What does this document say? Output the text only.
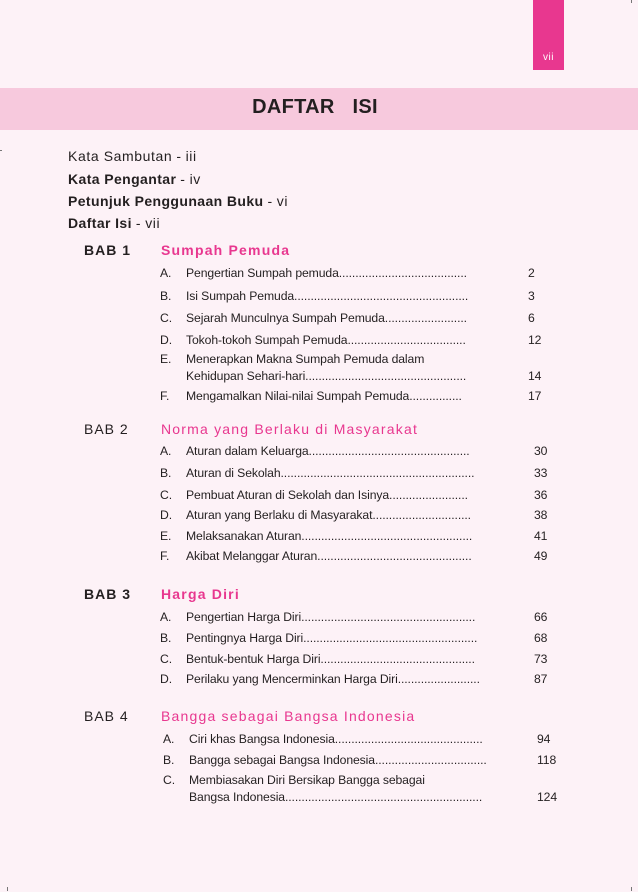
vii
DAFTAR ISI
Kata Sambutan - iii
Kata Pengantar - iv
Petunjuk Penggunaan Buku - vi
Daftar Isi - vii
BAB 1 Sumpah Pemuda
A. Pengertian Sumpah pemuda.......................................	2
B. Isi Sumpah Pemuda.....................................................	3
C. Sejarah Munculnya Sumpah Pemuda.........................	6
D. Tokoh-tokoh Sumpah Pemuda....................................	12
E. Menerapkan Makna Sumpah Pemuda dalam
Kehidupan Sehari-hari.................................................	14
F. Mengamalkan Nilai-nilai Sumpah Pemuda................	17
BAB 2 Norma yang Berlaku di Masyarakat
A. Aturan dalam Keluarga.................................................	30
B. Aturan di Sekolah...........................................................	33
C. Pembuat Aturan di Sekolah dan Isinya........................	36
D. Aturan yang Berlaku di Masyarakat..............................	38
E. Melaksanakan Aturan....................................................	41
F. Akibat Melanggar Aturan...............................................	49
BAB 3 Harga Diri
A. Pengertian Harga Diri.....................................................	66
B. Pentingnya Harga Diri.....................................................	68
C. Bentuk-bentuk Harga Diri...............................................	73
D. Perilaku yang Mencerminkan Harga Diri.........................	87
BAB 4 Bangga sebagai Bangsa Indonesia
A. Ciri khas Bangsa Indonesia.............................................	94
B. Bangga sebagai Bangsa Indonesia..................................	118
C. Membiasakan Diri Bersikap Bangga sebagai
Bangsa Indonesia............................................................	124
